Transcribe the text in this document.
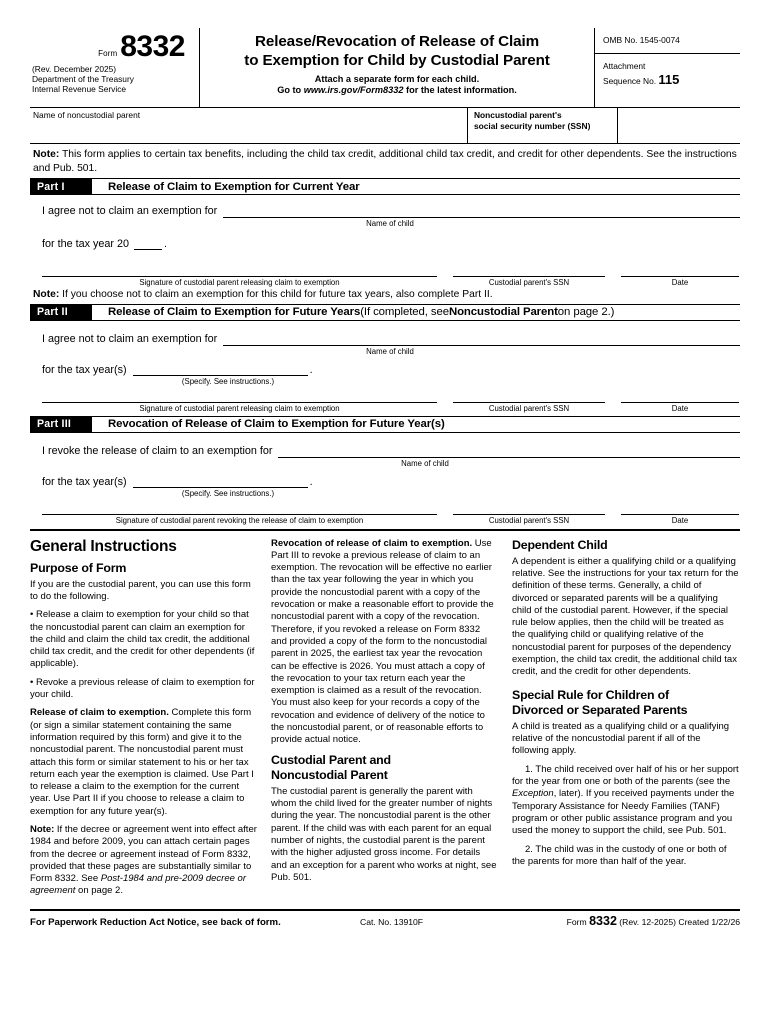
Form 8332
(Rev. December 2025)
Department of the Treasury
Internal Revenue Service
Release/Revocation of Release of Claim
to Exemption for Child by Custodial Parent
Attach a separate form for each child.
Go to www.irs.gov/Form8332 for the latest information.
OMB No. 1545-0074
Attachment
Sequence No. 115
Name of noncustodial parent	Noncustodial parent's
social security number (SSN)
Note: This form applies to certain tax benefits, including the child tax credit, additional child tax credit, and credit for other dependents. See the instructions and Pub. 501.
Part I	Release of Claim to Exemption for Current Year
I agree not to claim an exemption for
Name of child
for the tax year 20	.
Signature of custodial parent releasing claim to exemption	Custodial parent's SSN	Date
Note: If you choose not to claim an exemption for this child for future tax years, also complete Part II.
Part II	Release of Claim to Exemption for Future Years (If completed, see Noncustodial Parent on page 2.)
I agree not to claim an exemption for
Name of child
for the tax year(s)	.
(Specify. See instructions.)
Signature of custodial parent releasing claim to exemption	Custodial parent's SSN	Date
Part III	Revocation of Release of Claim to Exemption for Future Year(s)
I revoke the release of claim to an exemption for
Name of child
for the tax year(s)	.
(Specify. See instructions.)
Signature of custodial parent revoking the release of claim to exemption	Custodial parent's SSN	Date
General Instructions
Purpose of Form

If you are the custodial parent, you can use this form to do the following.

• Release a claim to exemption for your child so that the noncustodial parent can claim an exemption for the child and claim the child tax credit, the additional child tax credit, and the credit for other dependents (if applicable).

• Revoke a previous release of claim to exemption for your child.

Release of claim to exemption. Complete this form (or sign a similar statement containing the same information required by this form) and give it to the noncustodial parent. The noncustodial parent must attach this form or similar statement to his or her tax return each year the exemption is claimed. Use Part I to release a claim to the exemption for the current year. Use Part II if you choose to release a claim to exemption for any future year(s).

Note: If the decree or agreement went into effect after 1984 and before 2009, you can attach certain pages from the decree or agreement instead of Form 8332, provided that these pages are substantially similar to Form 8332. See Post-1984 and pre-2009 decree or agreement on page 2.

Revocation of release of claim to exemption. Use Part III to revoke a previous release of claim to an exemption. The revocation will be effective no earlier than the tax year following the year in which you provide the noncustodial parent with a copy of the revocation or make a reasonable effort to provide the noncustodial parent with a copy of the revocation. Therefore, if you revoked a release on Form 8332 and provided a copy of the form to the noncustodial parent in 2025, the earliest tax year the revocation can be effective is 2026. You must attach a copy of the revocation to your tax return each year the exemption is claimed as a result of the revocation. You must also keep for your records a copy of the revocation and evidence of delivery of the notice to the noncustodial parent, or of reasonable efforts to provide actual notice.

Custodial Parent and
Noncustodial Parent

The custodial parent is generally the parent with whom the child lived for the greater number of nights during the year. The noncustodial parent is the other parent. If the child was with each parent for an equal number of nights, the custodial parent is the parent with the higher adjusted gross income. For details and an exception for a parent who works at night, see Pub. 501.

Dependent Child

A dependent is either a qualifying child or a qualifying relative. See the instructions for your tax return for the definition of these terms. Generally, a child of divorced or separated parents will be a qualifying child of the custodial parent. However, if the special rule below applies, then the child will be treated as the qualifying child or qualifying relative of the noncustodial parent for purposes of the dependency exemption, the child tax credit, the additional child tax credit, and the credit for other dependents.

Special Rule for Children of
Divorced or Separated Parents

A child is treated as a qualifying child or a qualifying relative of the noncustodial parent if all of the following apply.

1. The child received over half of his or her support for the year from one or both of the parents (see the Exception, later). If you received payments under the Temporary Assistance for Needy Families (TANF) program or other public assistance program and you used the money to support the child, see Pub. 501.

2. The child was in the custody of one or both of the parents for more than half of the year.

For Paperwork Reduction Act Notice, see back of form.	Cat. No. 13910F	Form 8332 (Rev. 12-2025) Created 1/22/26
